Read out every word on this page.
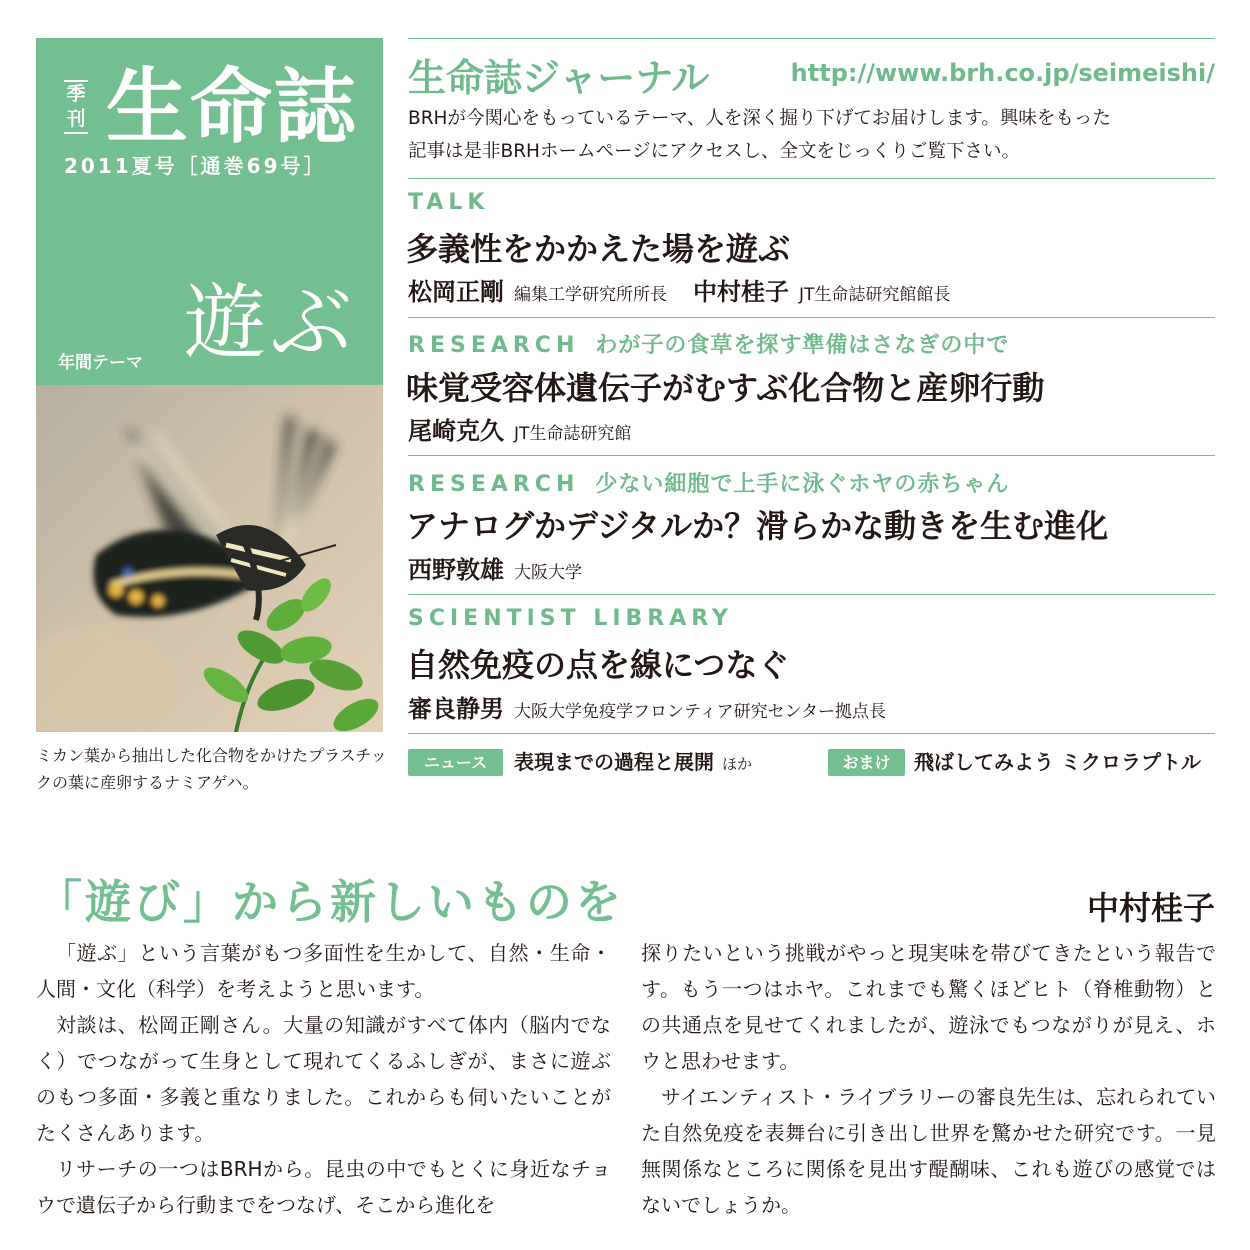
季
刊 生命誌
2011夏号［通巻69号］
年間テーマ 遊ぶ
ミカン葉から抽出した化合物をかけたプラスチックの葉に産卵するナミアゲハ。
生命誌ジャーナル	http://www.brh.co.jp/seimeishi/
BRHが今関心をもっているテーマ、人を深く掘り下げてお届けします。興味をもった
記事は是非BRHホームページにアクセスし、全文をじっくりご覧下さい。
TALK
多義性をかかえた場を遊ぶ
松岡正剛 編集工学研究所所長 中村桂子 JT生命誌研究館館長
RESEARCH わが子の食草を探す準備はさなぎの中で
味覚受容体遺伝子がむすぶ化合物と産卵行動
尾崎克久 JT生命誌研究館
RESEARCH 少ない細胞で上手に泳ぐホヤの赤ちゃん
アナログかデジタルか？滑らかな動きを生む進化
西野敦雄 大阪大学
SCIENTIST LIBRARY
自然免疫の点を線につなぐ
審良静男 大阪大学免疫学フロンティア研究センター拠点長
ニュース	表現までの過程と展開 ほか	おまけ	飛ばしてみよう ミクロラプトル
「遊び」から新しいものを	中村桂子

「遊ぶ」という言葉がもつ多面性を生かして、自然・生命・人間・文化（科学）を考えようと思います。

対談は、松岡正剛さん。大量の知識がすべて体内（脳内でなく）でつながって生身として現れてくるふしぎが、まさに遊ぶのもつ多面・多義と重なりました。これからも伺いたいことがたくさんあります。

リサーチの一つはBRHから。昆虫の中でもとくに身近なチョウで遺伝子から行動までをつなげ、そこから進化を

探りたいという挑戦がやっと現実味を帯びてきたという報告です。もう一つはホヤ。これまでも驚くほどヒト（脊椎動物）との共通点を見せてくれましたが、遊泳でもつながりが見え、ホウと思わせます。

サイエンティスト・ライブラリーの審良先生は、忘れられていた自然免疫を表舞台に引き出し世界を驚かせた研究です。一見無関係なところに関係を見出す醍醐味、これも遊びの感覚ではないでしょうか。
